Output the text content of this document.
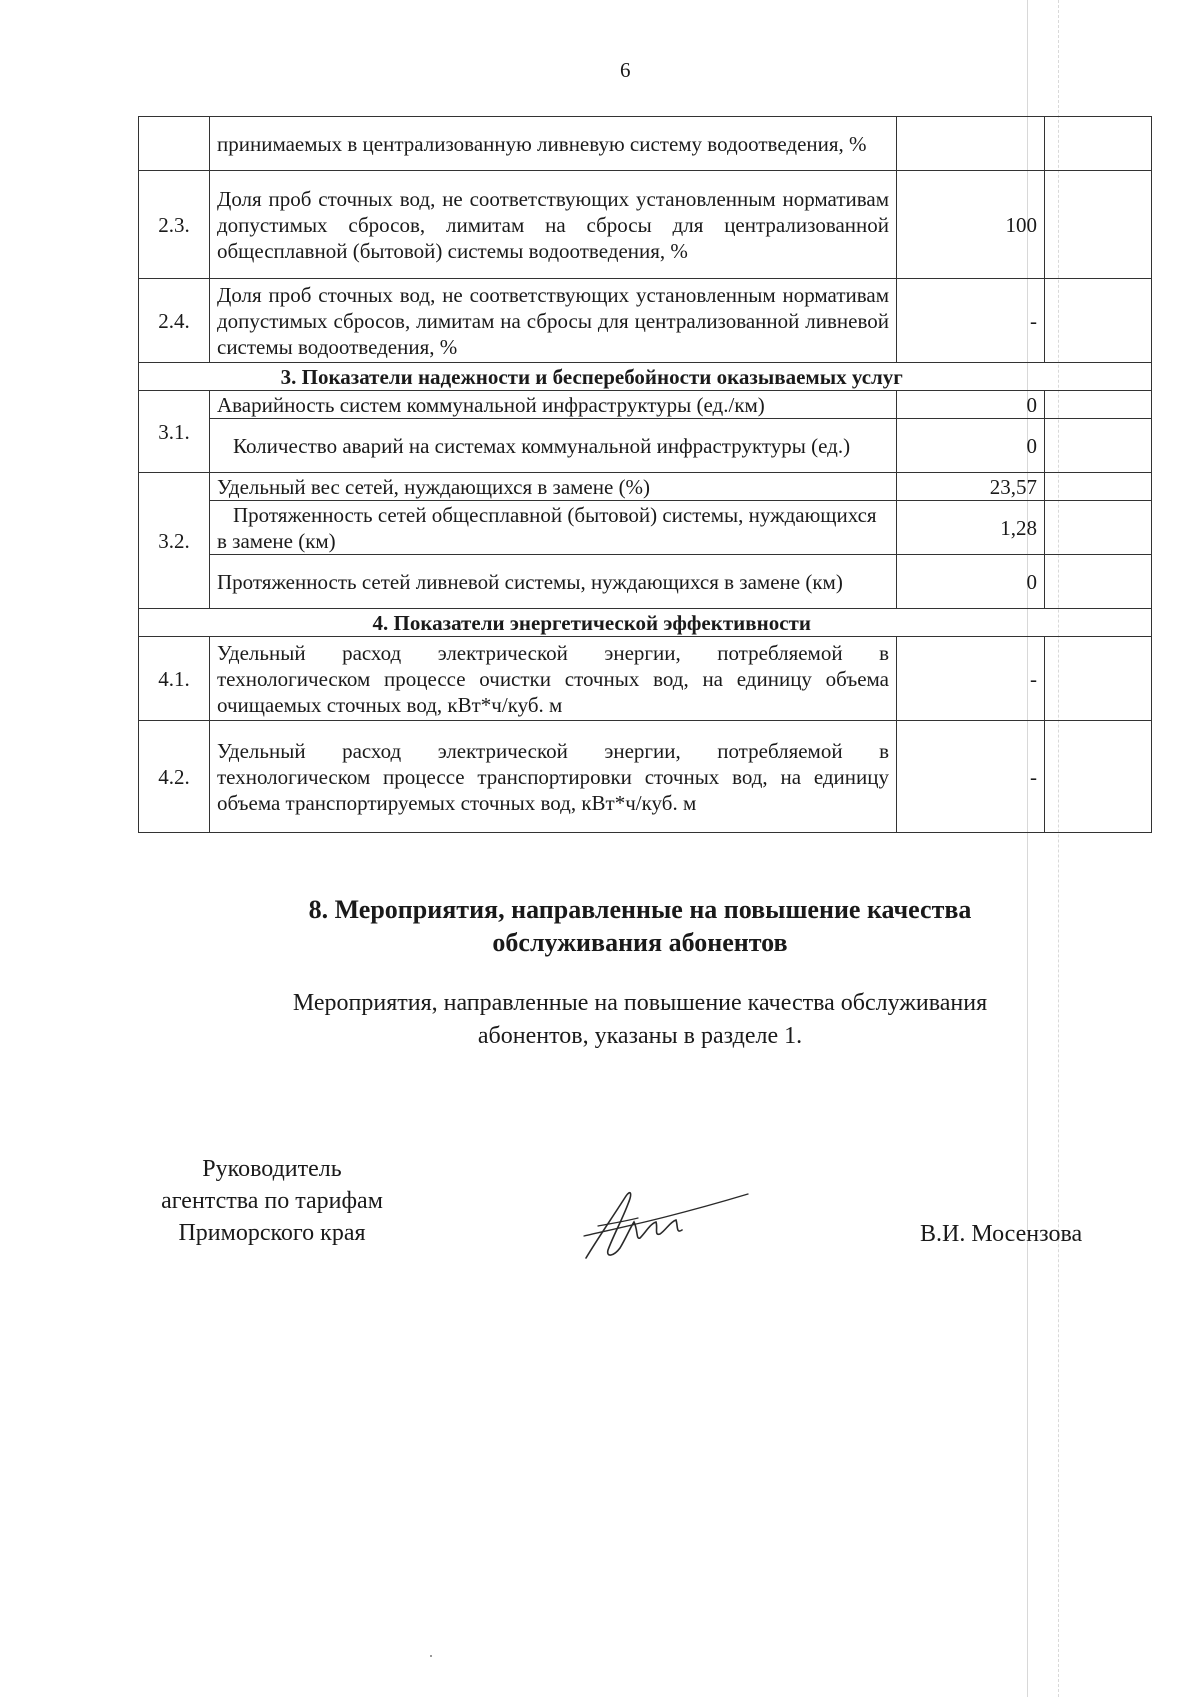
6
	принимаемых в централизованную ливневую систему водоотведения, %		
2.3.	Доля проб сточных вод, не соответствующих установленным нормативам допустимых сбросов, лимитам на сбросы для централизованной общесплавной (бытовой) системы водоотведения, %	100	
2.4.	Доля проб сточных вод, не соответствующих установленным нормативам допустимых сбросов, лимитам на сбросы для централизованной ливневой системы водоотведения, %	-	
3. Показатели надежности и бесперебойности оказываемых услуг			
3.1.	Аварийность систем коммунальной инфраструктуры (ед./км)	0	
	Количество аварий на системах коммунальной инфраструктуры (ед.)	0	
3.2.	Удельный вес сетей, нуждающихся в замене (%)	23,57	
	Протяженность сетей общесплавной (бытовой) системы, нуждающихся в замене (км)	1,28	
	Протяженность сетей ливневой системы, нуждающихся в замене (км)	0	
4. Показатели энергетической эффективности			
4.1.	Удельный расход электрической энергии, потребляемой в технологическом процессе очистки сточных вод, на единицу объема очищаемых сточных вод, кВт*ч/куб. м	-	
4.2.	Удельный расход электрической энергии, потребляемой в технологическом процессе транспортировки сточных вод, на единицу объема транспортируемых сточных вод, кВт*ч/куб. м	-	
8. Мероприятия, направленные на повышение качества
обслуживания абонентов
Мероприятия, направленные на повышение качества обслуживания
абонентов, указаны в разделе 1.
Руководитель
агентства по тарифам
Приморского края	В.И. Мосензова
